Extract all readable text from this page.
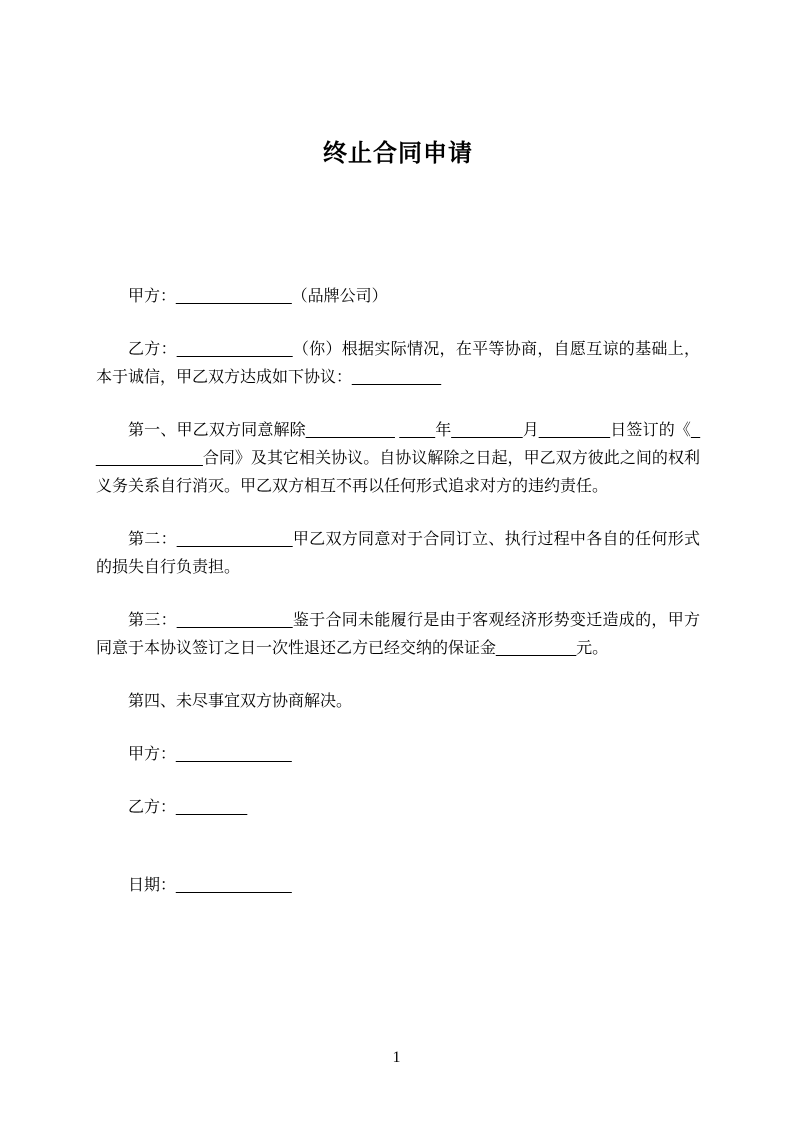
终止合同申请

甲方：_____________（品牌公司）

乙方：_____________（你）根据实际情况，在平等协商，自愿互谅的基础上，本于诚信，甲乙双方达成如下协议：__________

第一、甲乙双方同意解除__________ ____年________月________日签订的《_____________合同》及其它相关协议。自协议解除之日起，甲乙双方彼此之间的权利义务关系自行消灭。甲乙双方相互不再以任何形式追求对方的违约责任。

第二：_____________甲乙双方同意对于合同订立、执行过程中各自的任何形式的损失自行负责担。

第三：_____________鉴于合同未能履行是由于客观经济形势变迁造成的，甲方同意于本协议签订之日一次性退还乙方已经交纳的保证金_________元。

第四、未尽事宜双方协商解决。

甲方：_____________

乙方：________

日期：_____________

1
